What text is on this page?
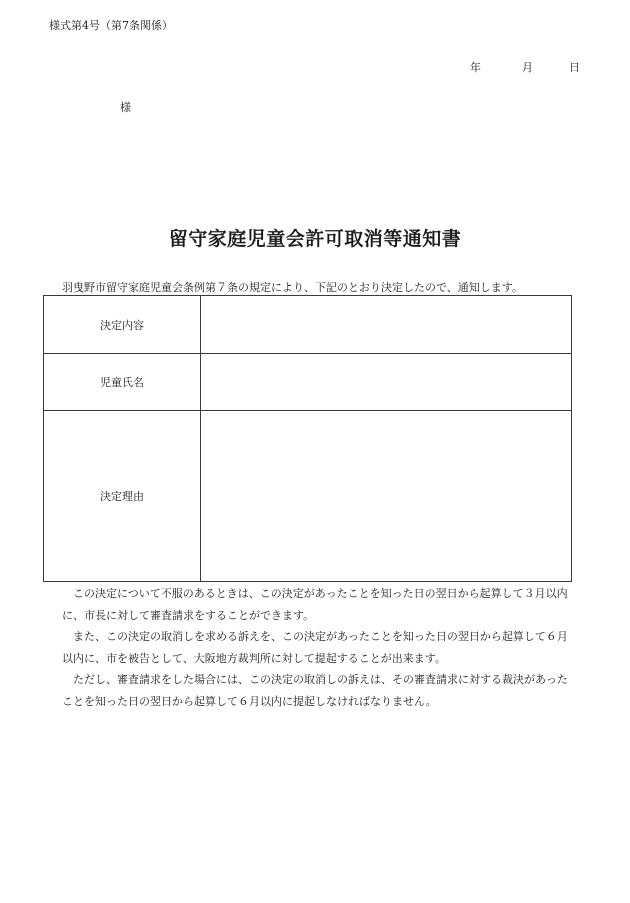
様式第4号（第7条関係）
年	月	日
様
留守家庭児童会許可取消等通知書
羽曳野市留守家庭児童会条例第７条の規定により、下記のとおり決定したので、通知します。
決定内容	
児童氏名	
決定理由	

この決定について不服のあるときは、この決定があったことを知った日の翌日から起算して３月以内に、市長に対して審査請求をすることができます。

また、この決定の取消しを求める訴えを、この決定があったことを知った日の翌日から起算して６月以内に、市を被告として、大阪地方裁判所に対して提起することが出来ます。

ただし、審査請求をした場合には、この決定の取消しの訴えは、その審査請求に対する裁決があったことを知った日の翌日から起算して６月以内に提起しなければなりません。
